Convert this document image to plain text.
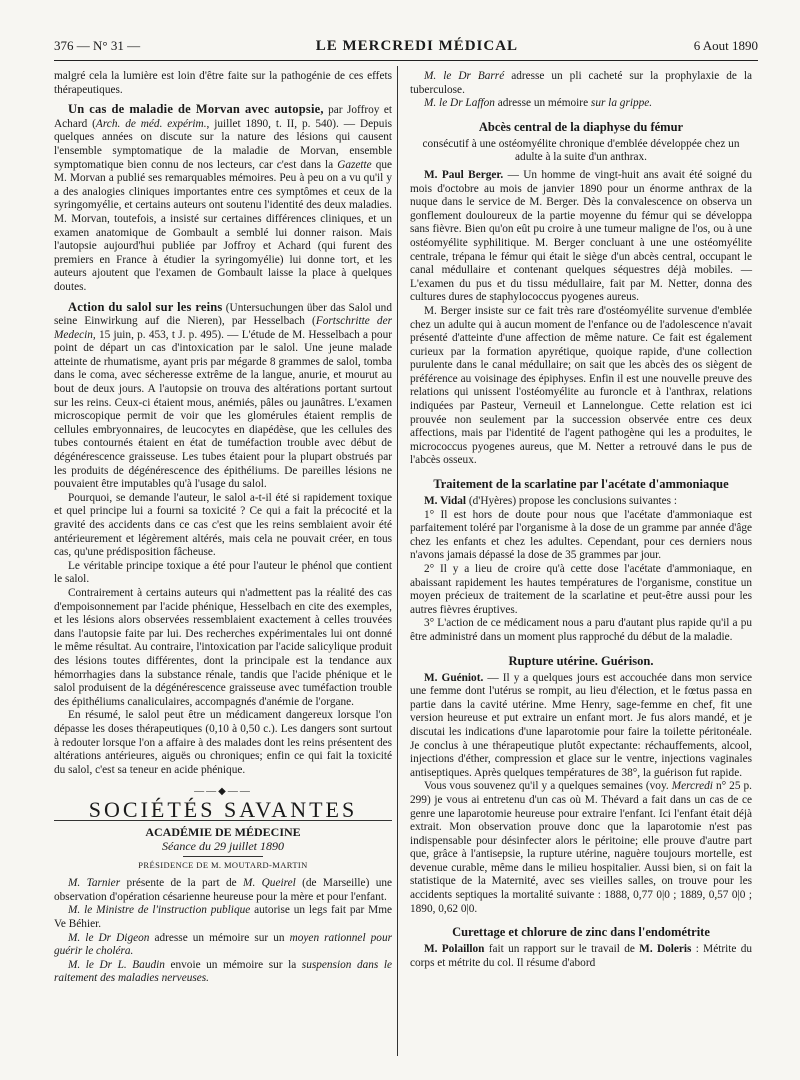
376 — N° 31 —	LE MERCREDI MÉDICAL	6 Aout 1890

malgré cela la lumière est loin d'être faite sur la pathogénie de ces effets thérapeutiques.

Un cas de maladie de Morvan avec autopsie, par Joffroy et Achard (Arch. de méd. expérim., juillet 1890, t. II, p. 540). — Depuis quelques années on discute sur la nature des lésions qui causent l'ensemble symptomatique de la maladie de Morvan, ensemble symptomatique bien connu de nos lecteurs, car c'est dans la Gazette que M. Morvan a publié ses remarquables mémoires. Peu à peu on a vu qu'il y a des analogies cliniques importantes entre ces symptômes et ceux de la syringomyélie, et certains auteurs ont soutenu l'identité des deux maladies. M. Morvan, toutefois, a insisté sur certaines différences cliniques, et un examen anatomique de Gombault a semblé lui donner raison. Mais l'autopsie aujourd'hui publiée par Joffroy et Achard (qui furent des premiers en France à étudier la syringomyélie) lui donne tort, et les auteurs ajoutent que l'examen de Gombault laisse la place à quelques doutes.

Action du salol sur les reins (Untersuchungen über das Salol und seine Einwirkung auf die Nieren), par Hesselbach (Fortschritte der Medecin, 15 juin, p. 453, t J. p. 495). — L'étude de M. Hesselbach a pour point de départ un cas d'intoxication par le salol. Une jeune malade atteinte de rhumatisme, ayant pris par mégarde 8 grammes de salol, tomba dans le coma, avec sécheresse extrême de la langue, anurie, et mourut au bout de deux jours. A l'autopsie on trouva des altérations portant surtout sur les reins. Ceux-ci étaient mous, anémiés, pâles ou jaunâtres. L'examen microscopique permit de voir que les glomérules étaient remplis de cellules embryonnaires, de leucocytes en diapédèse, que les cellules des tubes contournés étaient en état de tuméfaction trouble avec début de dégénérescence graisseuse. Les tubes étaient pour la plupart obstrués par les produits de dégénérescence des épithéliums. De pareilles lésions ne pouvaient être imputables qu'à l'usage du salol.

Pourquoi, se demande l'auteur, le salol a-t-il été si rapidement toxique et quel principe lui a fourni sa toxicité ? Ce qui a fait la précocité et la gravité des accidents dans ce cas c'est que les reins semblaient avoir été antérieurement et légèrement altérés, mais cela ne pouvait créer, en tous cas, qu'une prédisposition fâcheuse.

Le véritable principe toxique a été pour l'auteur le phénol que contient le salol.

Contrairement à certains auteurs qui n'admettent pas la réalité des cas d'empoisonnement par l'acide phénique, Hesselbach en cite des exemples, et les lésions alors observées ressemblaient exactement à celles trouvées dans l'autopsie faite par lui. Des recherches expérimentales lui ont donné le même résultat. Au contraire, l'intoxication par l'acide salicylique produit des lésions toutes différentes, dont la principale est la tendance aux hémorrhagies dans la substance rénale, tandis que l'acide phénique et le salol produisent de la dégénérescence graisseuse avec tuméfaction trouble des épithéliums canaliculaires, accompagnés d'anémie de l'organe.

En résumé, le salol peut être un médicament dangereux lorsque l'on dépasse les doses thérapeutiques (0,10 à 0,50 c.). Les dangers sont surtout à redouter lorsque l'on a affaire à des malades dont les reins présentent des altérations antérieures, aiguës ou chroniques; enfin ce qui fait la toxicité du salol, c'est sa teneur en acide phénique.

——◆——
SOCIÉTÉS SAVANTES
ACADÉMIE DE MÉDECINE
Séance du 29 juillet 1890
PRÉSIDENCE DE M. MOUTARD-MARTIN

M. Tarnier présente de la part de M. Queirel (de Marseille) une observation d'opération césarienne heureuse pour la mère et pour l'enfant.

M. le Ministre de l'instruction publique autorise un legs fait par Mme Ve Béhier.

M. le Dr Digeon adresse un mémoire sur un moyen rationnel pour guérir le choléra.

M. le Dr L. Baudin envoie un mémoire sur la suspension dans le raitement des maladies nerveuses.

M. le Dr Barré adresse un pli cacheté sur la prophylaxie de la tuberculose.

M. le Dr Laffon adresse un mémoire sur la grippe.

Abcès central de la diaphyse du fémur
consécutif à une ostéomyélite chronique d'emblée développée chez un adulte à la suite d'un anthrax.

M. Paul Berger. — Un homme de vingt-huit ans avait été soigné du mois d'octobre au mois de janvier 1890 pour un énorme anthrax de la nuque dans le service de M. Berger. Dès la convalescence on observa un gonflement douloureux de la partie moyenne du fémur qui se développa sans fièvre. Bien qu'on eût pu croire à une tumeur maligne de l'os, ou à une ostéomyélite syphilitique. M. Berger concluant à une une ostéomyélite centrale, trépana le fémur qui était le siège d'un abcès central, occupant le canal médullaire et contenant quelques séquestres déjà mobiles. — L'examen du pus et du tissu médullaire, fait par M. Netter, donna des cultures dures de staphylococcus pyogenes aureus.

M. Berger insiste sur ce fait très rare d'ostéomyélite survenue d'emblée chez un adulte qui à aucun moment de l'enfance ou de l'adolescence n'avait présenté d'atteinte d'une affection de même nature. Ce fait est également curieux par la formation apyrétique, quoique rapide, d'une collection purulente dans le canal médullaire; on sait que les abcès des os siègent de préférence au voisinage des épiphyses. Enfin il est une nouvelle preuve des relations qui unissent l'ostéomyélite au furoncle et à l'anthrax, relations indiquées par Pasteur, Verneuil et Lannelongue. Cette relation est ici prouvée non seulement par la succession observée entre ces deux affections, mais par l'identité de l'agent pathogène qui les a produites, le micrococcus pyogenes aureus, que M. Netter a retrouvé dans le pus de l'abcès osseux.

Traitement de la scarlatine par l'acétate d'ammoniaque

M. Vidal (d'Hyères) propose les conclusions suivantes :

1° Il est hors de doute pour nous que l'acétate d'ammoniaque est parfaitement toléré par l'organisme à la dose de un gramme par année d'âge chez les enfants et chez les adultes. Cependant, pour ces derniers nous n'avons jamais dépassé la dose de 35 grammes par jour.

2° Il y a lieu de croire qu'à cette dose l'acétate d'ammoniaque, en abaissant rapidement les hautes températures de l'organisme, constitue un moyen précieux de traitement de la scarlatine et peut-être aussi pour les autres fièvres éruptives.

3° L'action de ce médicament nous a paru d'autant plus rapide qu'il a pu être administré dans un moment plus rapproché du début de la maladie.

Rupture utérine. Guérison.

M. Guéniot. — Il y a quelques jours est accouchée dans mon service une femme dont l'utérus se rompit, au lieu d'élection, et le fœtus passa en partie dans la cavité utérine. Mme Henry, sage-femme en chef, fit une version heureuse et put extraire un enfant mort. Je fus alors mandé, et je discutai les indications d'une laparotomie pour faire la toilette péritonéale. Je conclus à une thérapeutique plutôt expectante: réchauffements, alcool, injections d'éther, compression et glace sur le ventre, injections vaginales antiseptiques. Après quelques températures de 38°, la guérison fut rapide.

Vous vous souvenez qu'il y a quelques semaines (voy. Mercredi n° 25 p. 299) je vous ai entretenu d'un cas où M. Thévard a fait dans un cas de ce genre une laparotomie heureuse pour extraire l'enfant. Ici l'enfant était déjà extrait. Mon observation prouve donc que la laparotomie n'est pas indispensable pour désinfecter alors le péritoine; elle prouve d'autre part que, grâce à l'antisepsie, la rupture utérine, naguère toujours mortelle, est devenue curable, même dans le milieu hospitalier. Aussi bien, si on fait la statistique de la Maternité, avec ses vieilles salles, on trouve pour les accidents septiques la mortalité suivante : 1888, 0,77 0|0 ; 1889, 0,57 0|0 ; 1890, 0,62 0|0.

Curettage et chlorure de zinc dans l'endométrite

M. Polaillon fait un rapport sur le travail de M. Doleris : Métrite du corps et métrite du col. Il résume d'abord
